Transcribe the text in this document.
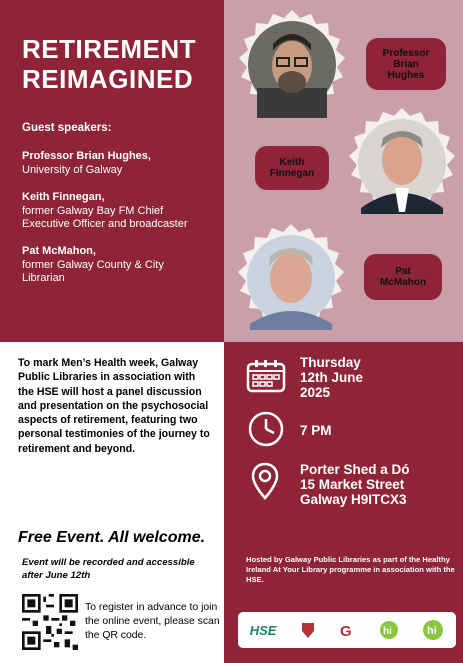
RETIREMENT
REIMAGINED
Guest speakers:
Professor Brian Hughes,
University of Galway
Keith Finnegan,
former Galway Bay FM Chief
Executive Officer and broadcaster
Pat McMahon,
former Galway County & City
Librarian
Professor
Brian
Hughes
Keith
Finnegan
Pat
McMahon
To mark Men’s Health week, Galway Public Libraries in association with the HSE will host a panel discussion and presentation on the psychosocial aspects of retirement, featuring two personal testimonies of the journey to retirement and beyond.
Free Event. All welcome.
Event will be recorded and accessible after June 12th
To register in advance to join the online event, please scan the QR code.
Thursday
12th June
2025
7 PM
Porter Shed a Dó
15 Market Street
Galway H9ITCX3
Hosted by Galway Public Libraries as part of the Healthy Ireland At Your Library programme in association with the HSE.
HSE	G	hi	hi
